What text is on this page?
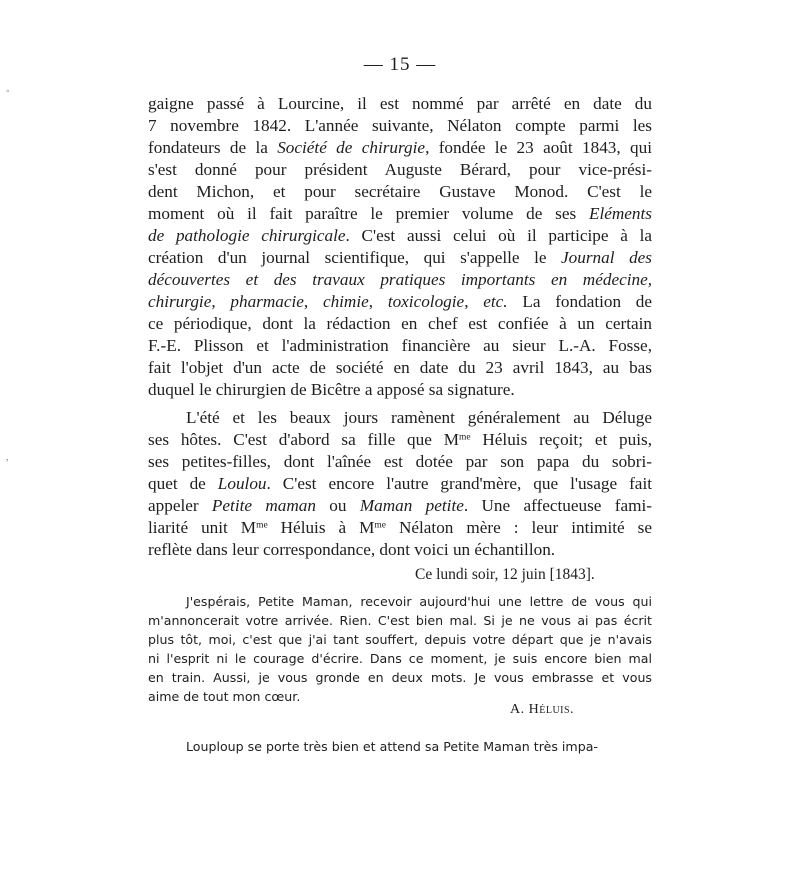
— 15 —

gaigne passé à Lourcine, il est nommé par arrêté en date du
7 novembre 1842. L'année suivante, Nélaton compte parmi les
fondateurs de la Société de chirurgie, fondée le 23 août 1843, qui
s'est donné pour président Auguste Bérard, pour vice-prési-
dent Michon, et pour secrétaire Gustave Monod. C'est le
moment où il fait paraître le premier volume de ses Eléments
de pathologie chirurgicale. C'est aussi celui où il participe à la
création d'un journal scientifique, qui s'appelle le Journal des
découvertes et des travaux pratiques importants en médecine,
chirurgie, pharmacie, chimie, toxicologie, etc. La fondation de
ce périodique, dont la rédaction en chef est confiée à un certain
F.-E. Plisson et l'administration financière au sieur L.-A. Fosse,
fait l'objet d'un acte de société en date du 23 avril 1843, au bas
duquel le chirurgien de Bicêtre a apposé sa signature.

L'été et les beaux jours ramènent généralement au Déluge
ses hôtes. C'est d'abord sa fille que $M^{me}$ Héluis reçoit; et puis,
ses petites-filles, dont l'aînée est dotée par son papa du sobri-
quet de Loulou. C'est encore l'autre grand'mère, que l'usage fait
appeler Petite maman ou Maman petite. Une affectueuse fami-
liarité unit $M^{me}$ Héluis à $M^{me}$ Nélaton mère : leur intimité se
reflète dans leur correspondance, dont voici un échantillon.

Ce lundi soir, 12 juin [1843].

J'espérais, Petite Maman, recevoir aujourd'hui une lettre de vous qui
m'annoncerait votre arrivée. Rien. C'est bien mal. Si je ne vous ai pas écrit
plus tôt, moi, c'est que j'ai tant souffert, depuis votre départ que je n'avais
ni l'esprit ni le courage d'écrire. Dans ce moment, je suis encore bien mal
en train. Aussi, je vous gronde en deux mots. Je vous embrasse et vous
aime de tout mon cœur.

A. Héluis.

Louploup se porte très bien et attend sa Petite Maman très impa-

◦
,
